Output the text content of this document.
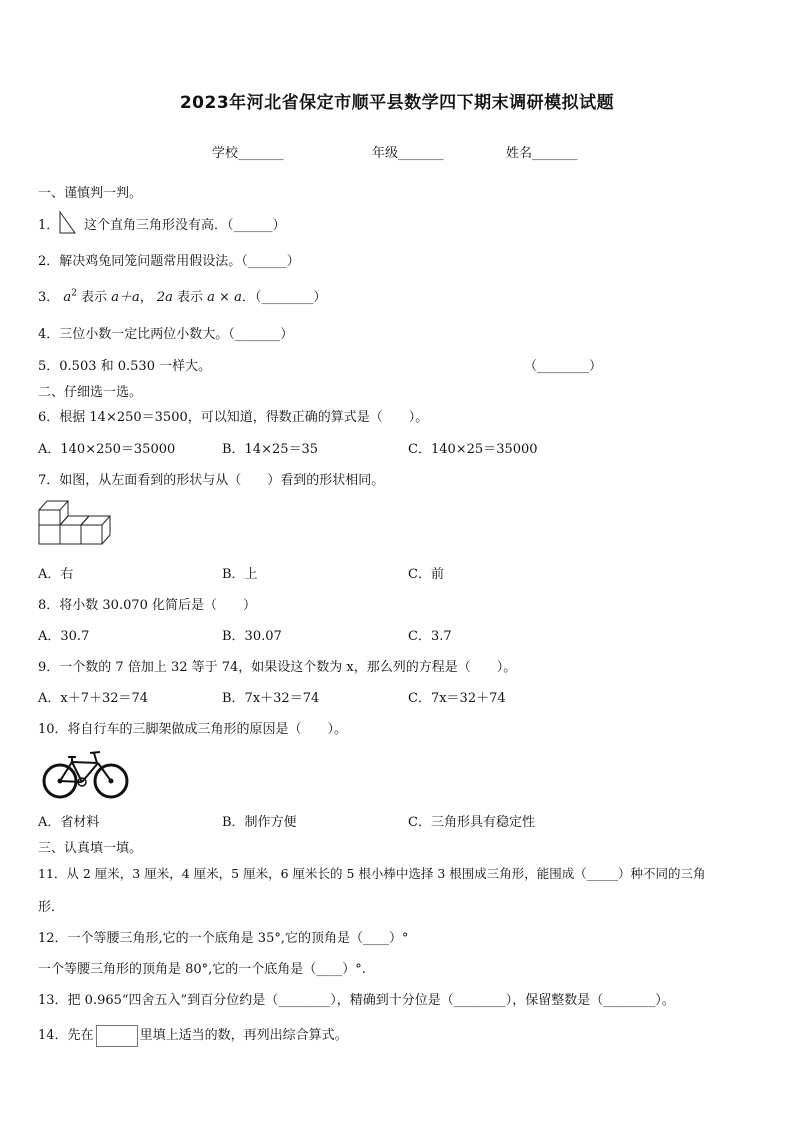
2023年河北省保定市顺平县数学四下期末调研模拟试题
学校_______	年级_______	姓名_______
一、谨慎判一判。
1． 这个直角三角形没有高．（______）
2．解决鸡兔同笼问题常用假设法。（______）
3． $a^2$ 表示 a＋a， 2a 表示 a × a．（________）
4．三位小数一定比两位小数大。（_______）
5．0.503 和 0.530 一样大。	（________）
二、仔细选一选。
6．根据 14×250＝3500，可以知道，得数正确的算式是（　　）。
A．140×250＝35000	B．14×25＝35	C．140×25＝35000
7．如图，从左面看到的形状与从（　　）看到的形状相同。
A．右	B．上	C．前
8．将小数 30.070 化简后是（　　）
A．30.7	B．30.07	C．3.7
9．一个数的 7 倍加上 32 等于 74，如果设这个数为 x，那么列的方程是（　　）。
A．x＋7＋32＝74	B．7x＋32＝74	C．7x＝32＋74
10．将自行车的三脚架做成三角形的原因是（　　）。
A．省材料	B．制作方便	C．三角形具有稳定性
三、认真填一填。
11．从 2 厘米，3 厘米，4 厘米，5 厘米，6 厘米长的 5 根小棒中选择 3 根围成三角形，能围成（_____）种不同的三角
形．
12．一个等腰三角形,它的一个底角是 35°,它的顶角是（____）°
一个等腰三角形的顶角是 80°,它的一个底角是（____）°.
13．把 0.965“四舍五入”到百分位约是（________），精确到十分位是（________），保留整数是（________）。
14．先在	里填上适当的数，再列出综合算式。
